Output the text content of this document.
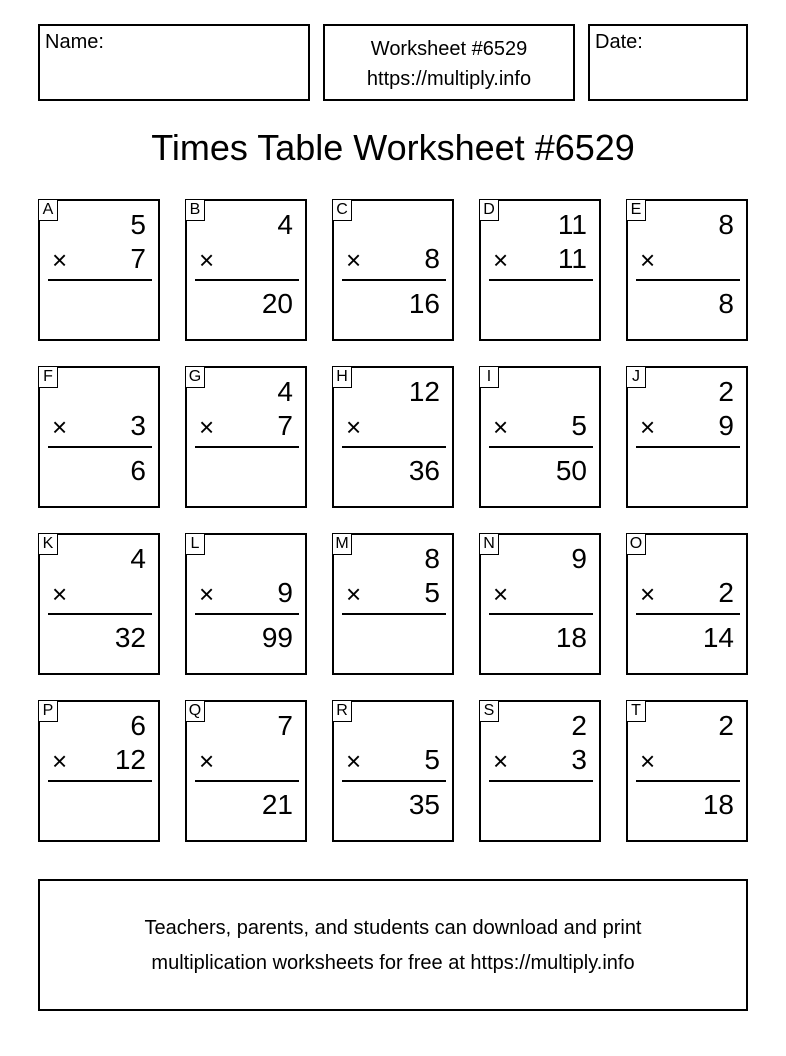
Name:	Worksheet #6529
https://multiply.info
Date:
Times Table Worksheet #6529
A	5
× 7
B	4
×
20
C
× 8
16
D 11
× 11
E	8
×
8
F
× 3
6
G	4
× 7
H 12
×
36
I
× 5
50
J	2
× 9
K	4
×
32
L
× 9
99
M	8
× 5
N	9
×
18
O
× 2
14
P	6
× 12
Q	7
×
21
R
× 5
35
S	2
× 3
T	2
×
18
Teachers, parents, and students can download and print
multiplication worksheets for free at https://multiply.info
